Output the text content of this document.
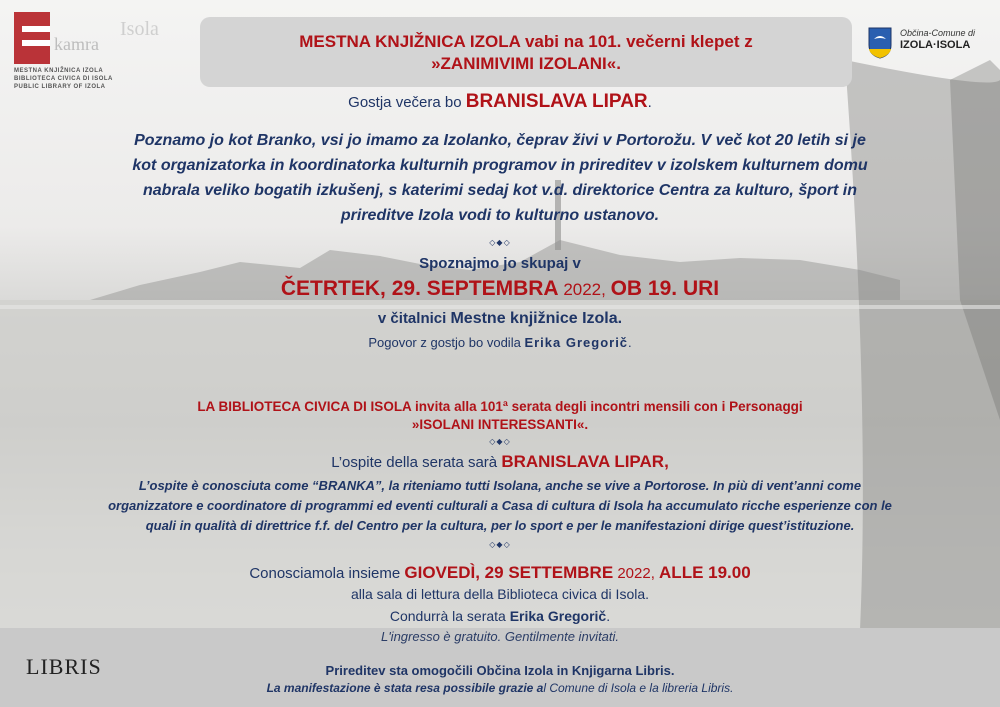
kamra
MESTNA KNJIŽNICA IZOLA
BIBLIOTECA CIVICA DI ISOLA
PUBLIC LIBRARY OF IZOLA
Isola	Občina-Comune di
IZOLA·ISOLA
MESTNA KNJIŽNICA IZOLA vabi na 101. večerni klepet z
»ZANIMIVIMI IZOLANI«.
Gostja večera bo BRANISLAVA LIPAR.
Poznamo jo kot Branko, vsi jo imamo za Izolanko, čeprav živi v Portorožu. V več kot 20 letih si je
kot organizatorka in koordinatorka kulturnih programov in prireditev v izolskem kulturnem domu
nabrala veliko bogatih izkušenj, s katerimi sedaj kot v.d. direktorice Centra za kulturo, šport in
prireditve Izola vodi to kulturno ustanovo.
◇◆◇
Spoznajmo jo skupaj v
ČETRTEK, 29. SEPTEMBRA 2022, OB 19. URI
v čitalnici Mestne knjižnice Izola.
Pogovor z gostjo bo vodila Erika Gregorič.
LA BIBLIOTECA CIVICA DI ISOLA invita alla 101ª serata degli incontri mensili con i Personaggi
»ISOLANI INTERESSANTI«.
◇◆◇
L’ospite della serata sarà BRANISLAVA LIPAR,
L’ospite è conosciuta come “BRANKA”, la riteniamo tutti Isolana, anche se vive a Portorose. In più di vent’anni come
organizzatore e coordinatore di programmi ed eventi culturali a Casa di cultura di Isola ha accumulato ricche esperienze con le
quali in qualità di direttrice f.f. del Centro per la cultura, per lo sport e per le manifestazioni dirige quest’istituzione.
◇◆◇
Conosciamola insieme GIOVEDÌ, 29 SETTEMBRE 2022, ALLE 19.00
alla sala di lettura della Biblioteca civica di Isola.
Condurrà la serata Erika Gregorič.
L'ingresso è gratuito. Gentilmente invitati.
LIBRIS	Prireditev sta omogočili Občina Izola in Knjigarna Libris.
La manifestazione è stata resa possibile grazie al Comune di Isola e la libreria Libris.
